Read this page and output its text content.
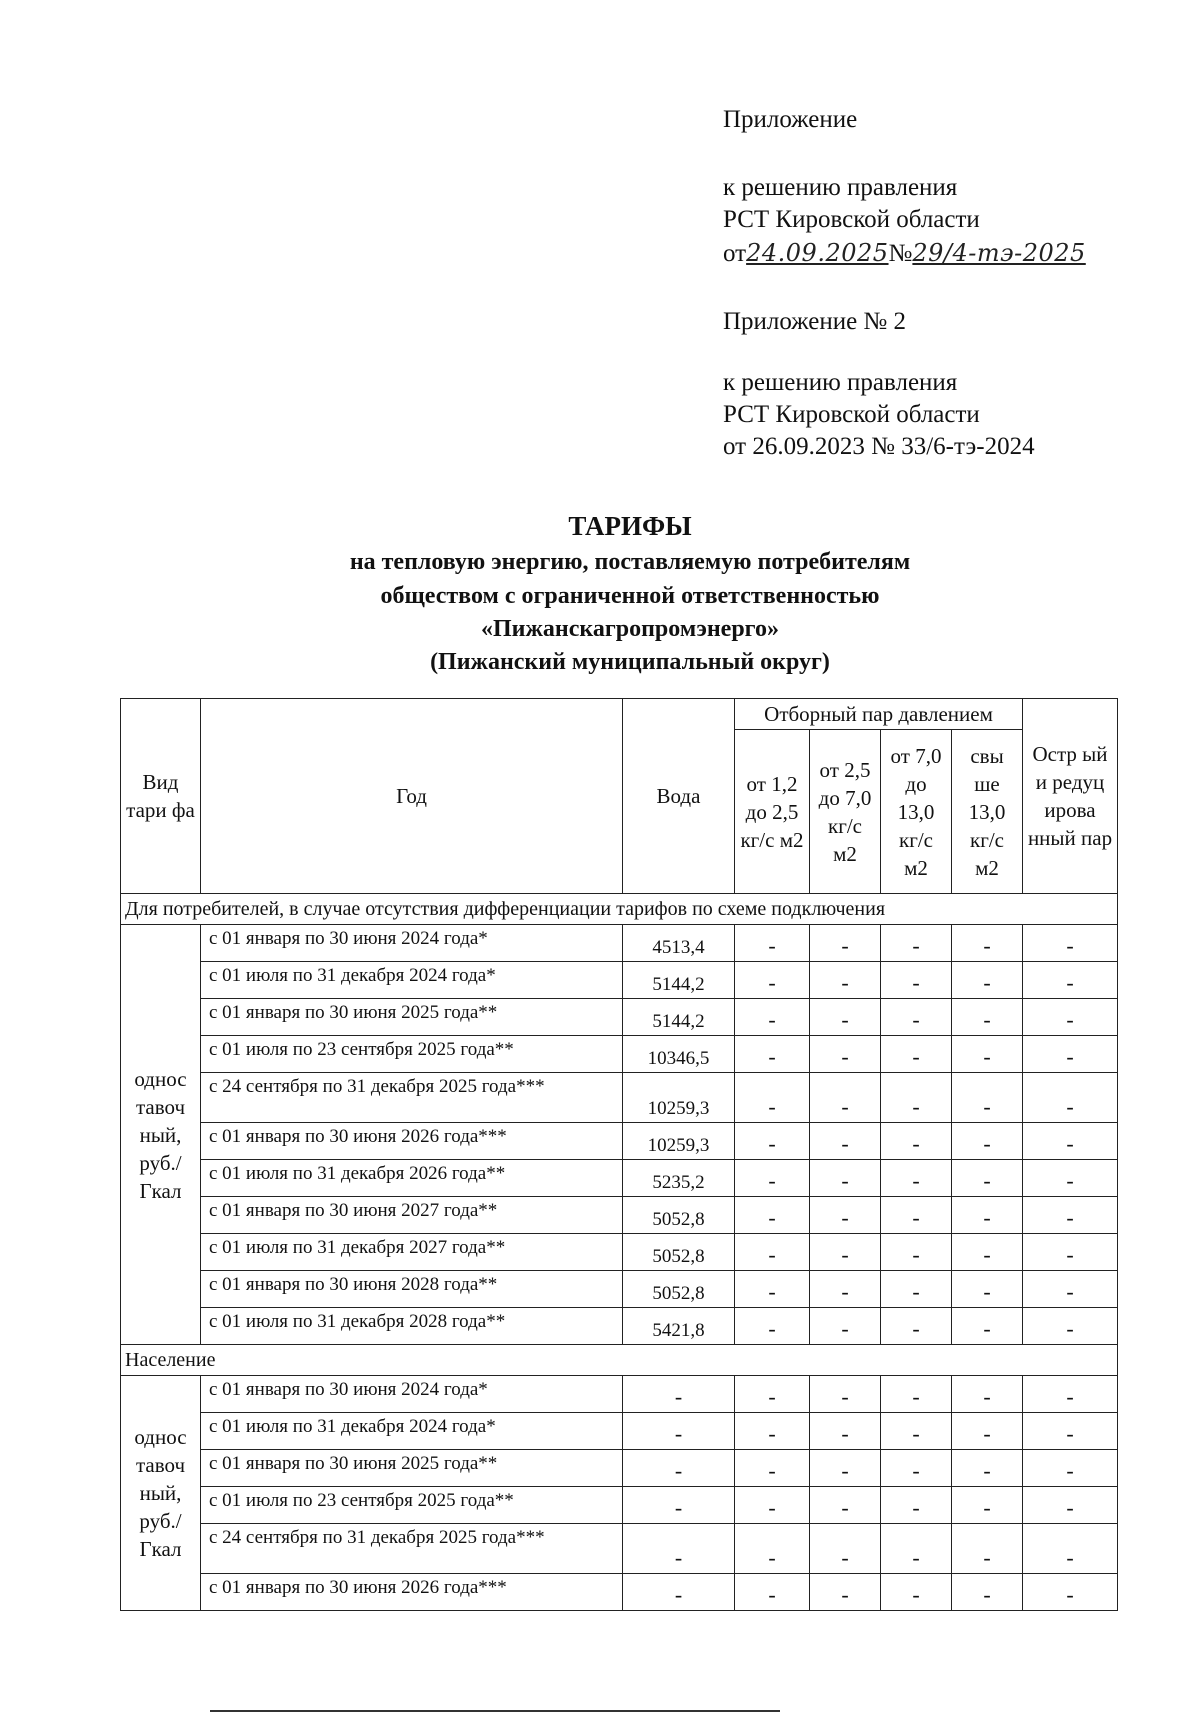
Приложение
к решению правления
РСТ Кировской области
от24.09.2025№29/4-тэ-2025
Приложение № 2
к решению правления
РСТ Кировской области
от 26.09.2023 № 33/6-тэ-2024
ТАРИФЫ
на тепловую энергию, поставляемую потребителям
обществом с ограниченной ответственностью
«Пижанскагропромэнерго»
(Пижанский муниципальный округ)
Вид тари фа	Год	Вода	Отборный пар давлением				Остр ый и редуц ирова нный пар
			от 1,2 до 2,5 кг/с м2	от 2,5 до 7,0 кг/с м2	от 7,0 до 13,0 кг/с м2	свы ше 13,0 кг/с м2	
Для потребителей, в случае отсутствия дифференциации тарифов по схеме подключения							
однос тавоч ный, руб./ Гкал	с 01 января по 30 июня 2024 года*	4513,4	-	-	-	-	-
	с 01 июля по 31 декабря 2024 года*	5144,2	-	-	-	-	-
	с 01 января по 30 июня 2025 года**	5144,2	-	-	-	-	-
	с 01 июля по 23 сентября 2025 года**	10346,5	-	-	-	-	-
	с 24 сентября по 31 декабря 2025 года***	10259,3	-	-	-	-	-
	с 01 января по 30 июня 2026 года***	10259,3	-	-	-	-	-
	с 01 июля по 31 декабря 2026 года**	5235,2	-	-	-	-	-
	с 01 января по 30 июня 2027 года**	5052,8	-	-	-	-	-
	с 01 июля по 31 декабря 2027 года**	5052,8	-	-	-	-	-
	с 01 января по 30 июня 2028 года**	5052,8	-	-	-	-	-
	с 01 июля по 31 декабря 2028 года**	5421,8	-	-	-	-	-
Население							
однос тавоч ный, руб./ Гкал	с 01 января по 30 июня 2024 года*	-	-	-	-	-	-
	с 01 июля по 31 декабря 2024 года*	-	-	-	-	-	-
	с 01 января по 30 июня 2025 года**	-	-	-	-	-	-
	с 01 июля по 23 сентября 2025 года**	-	-	-	-	-	-
	с 24 сентября по 31 декабря 2025 года***	-	-	-	-	-	-
	с 01 января по 30 июня 2026 года***	-	-	-	-	-	-
